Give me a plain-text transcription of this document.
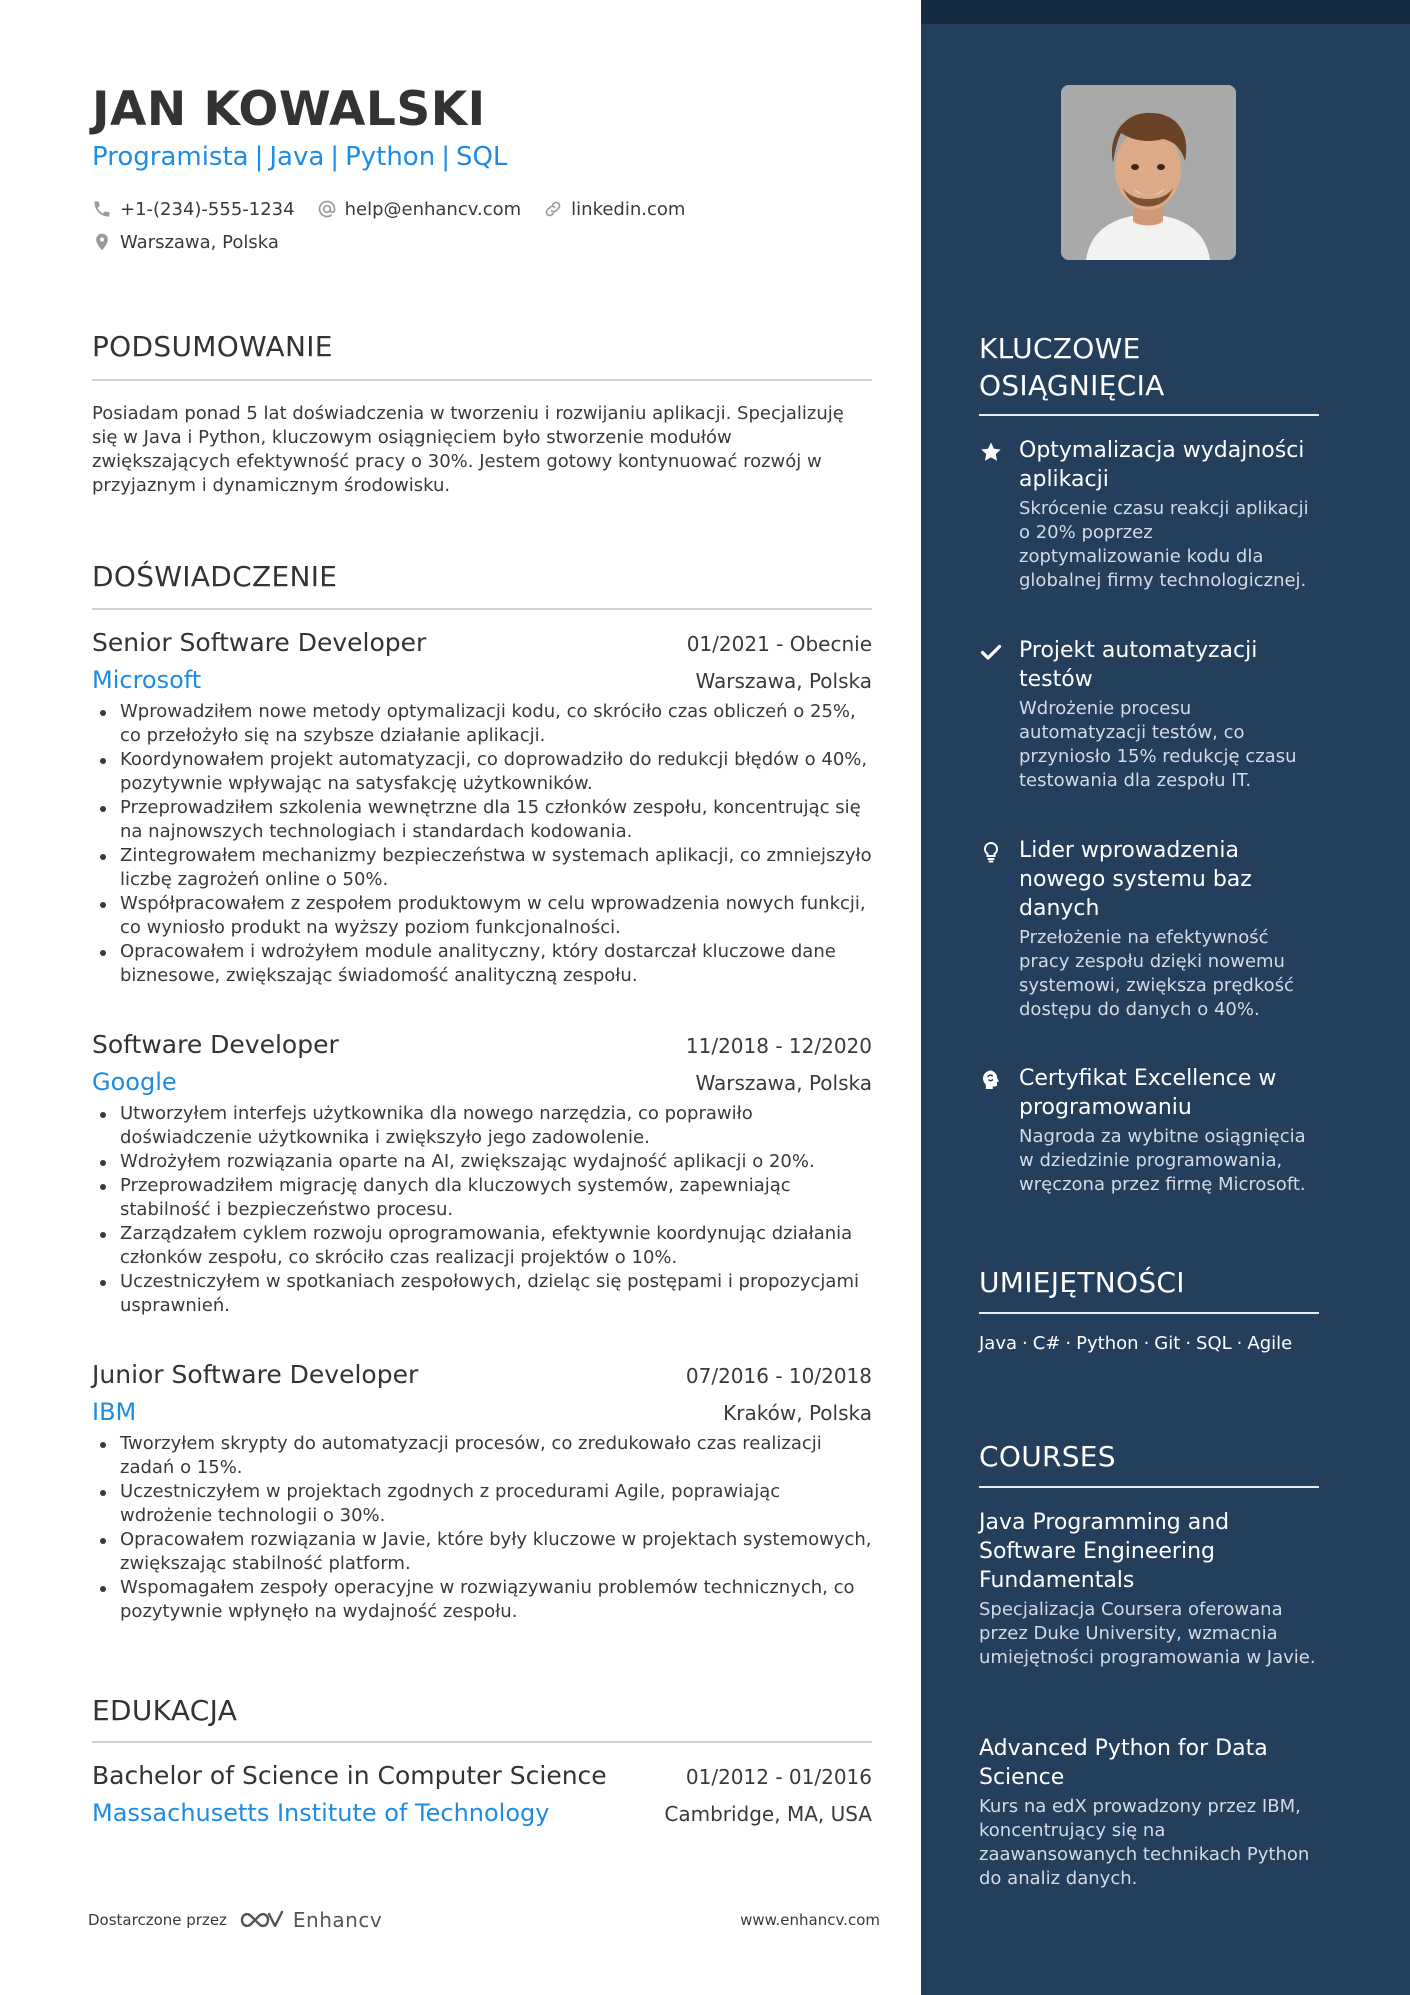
JAN KOWALSKI
Programista | Java | Python | SQL
+1-(234)-555-1234	help@enhancv.com	linkedin.com
Warszawa, Polska
PODSUMOWANIE
Posiadam ponad 5 lat doświadczenia w tworzeniu i rozwijaniu aplikacji. Specjalizuję się w Java i Python, kluczowym osiągnięciem było stworzenie modułów zwiększających efektywność pracy o 30%. Jestem gotowy kontynuować rozwój w przyjaznym i dynamicznym środowisku.
DOŚWIADCZENIE
Senior Software Developer	01/2021 - Obecnie
Microsoft	Warszawa, Polska
Wprowadziłem nowe metody optymalizacji kodu, co skróciło czas obliczeń o 25%, co przełożyło się na szybsze działanie aplikacji.
Koordynowałem projekt automatyzacji, co doprowadziło do redukcji błędów o 40%, pozytywnie wpływając na satysfakcję użytkowników.
Przeprowadziłem szkolenia wewnętrzne dla 15 członków zespołu, koncentrując się na najnowszych technologiach i standardach kodowania.
Zintegrowałem mechanizmy bezpieczeństwa w systemach aplikacji, co zmniejszyło liczbę zagrożeń online o 50%.
Współpracowałem z zespołem produktowym w celu wprowadzenia nowych funkcji, co wyniosło produkt na wyższy poziom funkcjonalności.
Opracowałem i wdrożyłem module analityczny, który dostarczał kluczowe dane biznesowe, zwiększając świadomość analityczną zespołu.
Software Developer	11/2018 - 12/2020
Google	Warszawa, Polska
Utworzyłem interfejs użytkownika dla nowego narzędzia, co poprawiło doświadczenie użytkownika i zwiększyło jego zadowolenie.
Wdrożyłem rozwiązania oparte na AI, zwiększając wydajność aplikacji o 20%.
Przeprowadziłem migrację danych dla kluczowych systemów, zapewniając stabilność i bezpieczeństwo procesu.
Zarządzałem cyklem rozwoju oprogramowania, efektywnie koordynując działania członków zespołu, co skróciło czas realizacji projektów o 10%.
Uczestniczyłem w spotkaniach zespołowych, dzieląc się postępami i propozycjami usprawnień.
Junior Software Developer	07/2016 - 10/2018
IBM	Kraków, Polska
Tworzyłem skrypty do automatyzacji procesów, co zredukowało czas realizacji zadań o 15%.
Uczestniczyłem w projektach zgodnych z procedurami Agile, poprawiając wdrożenie technologii o 30%.
Opracowałem rozwiązania w Javie, które były kluczowe w projektach systemowych, zwiększając stabilność platform.
Wspomagałem zespoły operacyjne w rozwiązywaniu problemów technicznych, co pozytywnie wpłynęło na wydajność zespołu.
EDUKACJA
Bachelor of Science in Computer Science	01/2012 - 01/2016
Massachusetts Institute of Technology	Cambridge, MA, USA
Dostarczone przez	Enhancv	www.enhancv.com
KLUCZOWE
OSIĄGNIĘCIA
Optymalizacja wydajności aplikacji
Skrócenie czasu reakcji aplikacji o 20% poprzez zoptymalizowanie kodu dla globalnej firmy technologicznej.
Projekt automatyzacji testów
Wdrożenie procesu automatyzacji testów, co przyniosło 15% redukcję czasu testowania dla zespołu IT.
Lider wprowadzenia nowego systemu baz danych
Przełożenie na efektywność pracy zespołu dzięki nowemu systemowi, zwiększa prędkość dostępu do danych o 40%.
Certyfikat Excellence w programowaniu
Nagroda za wybitne osiągnięcia w dziedzinie programowania, wręczona przez firmę Microsoft.
UMIEJĘTNOŚCI
Java · C# · Python · Git · SQL · Agile
COURSES
Java Programming and Software Engineering Fundamentals
Specjalizacja Coursera oferowana przez Duke University, wzmacnia umiejętności programowania w Javie.
Advanced Python for Data Science
Kurs na edX prowadzony przez IBM, koncentrujący się na zaawansowanych technikach Python do analiz danych.
